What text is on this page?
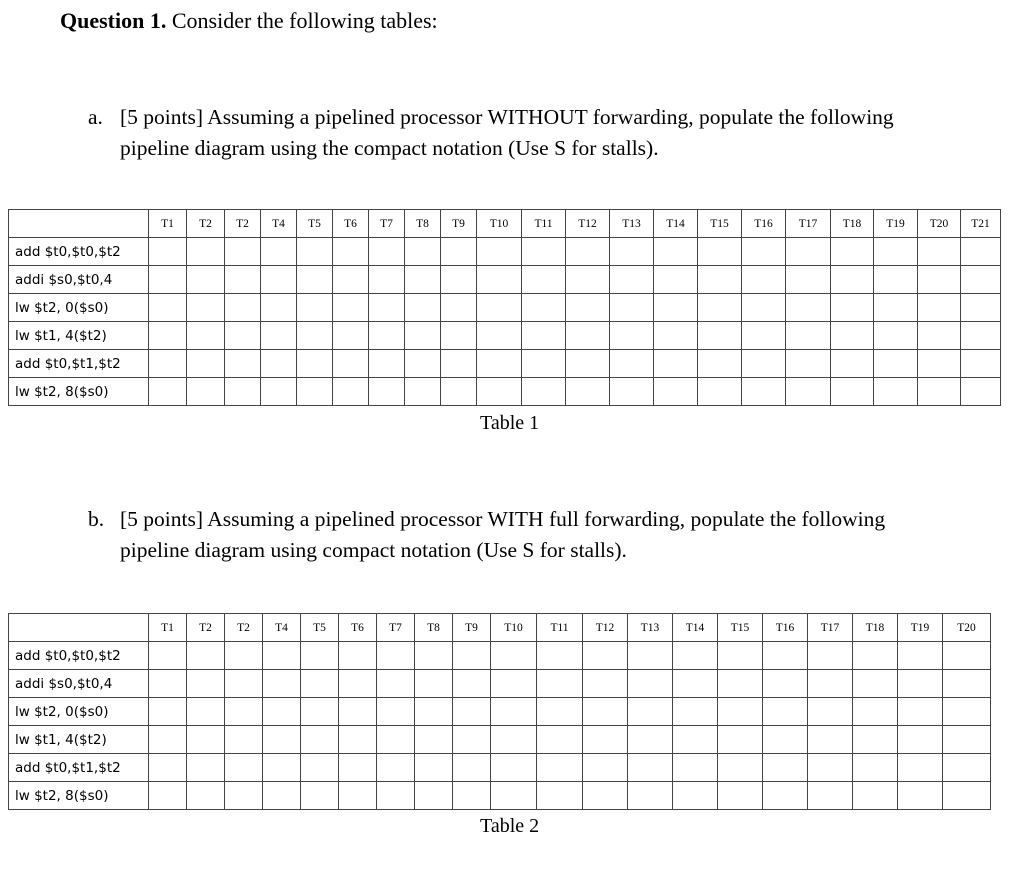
Question 1. Consider the following tables:
a. [5 points] Assuming a pipelined processor WITHOUT forwarding, populate the following pipeline diagram using the compact notation (Use S for stalls).
	T1	T2	T2	T4	T5	T6	T7	T8	T9	T10	T11	T12	T13	T14	T15	T16	T17	T18	T19	T20	T21
add $t0,$t0,$t2																					
addi $s0,$t0,4																					
lw $t2, 0($s0)																					
lw $t1, 4($t2)																					
add $t0,$t1,$t2																					
lw $t2, 8($s0)																					
Table 1
b. [5 points] Assuming a pipelined processor WITH full forwarding, populate the following pipeline diagram using compact notation (Use S for stalls).
	T1	T2	T2	T4	T5	T6	T7	T8	T9	T10	T11	T12	T13	T14	T15	T16	T17	T18	T19	T20
add $t0,$t0,$t2																				
addi $s0,$t0,4																				
lw $t2, 0($s0)																				
lw $t1, 4($t2)																				
add $t0,$t1,$t2																				
lw $t2, 8($s0)																				
Table 2
